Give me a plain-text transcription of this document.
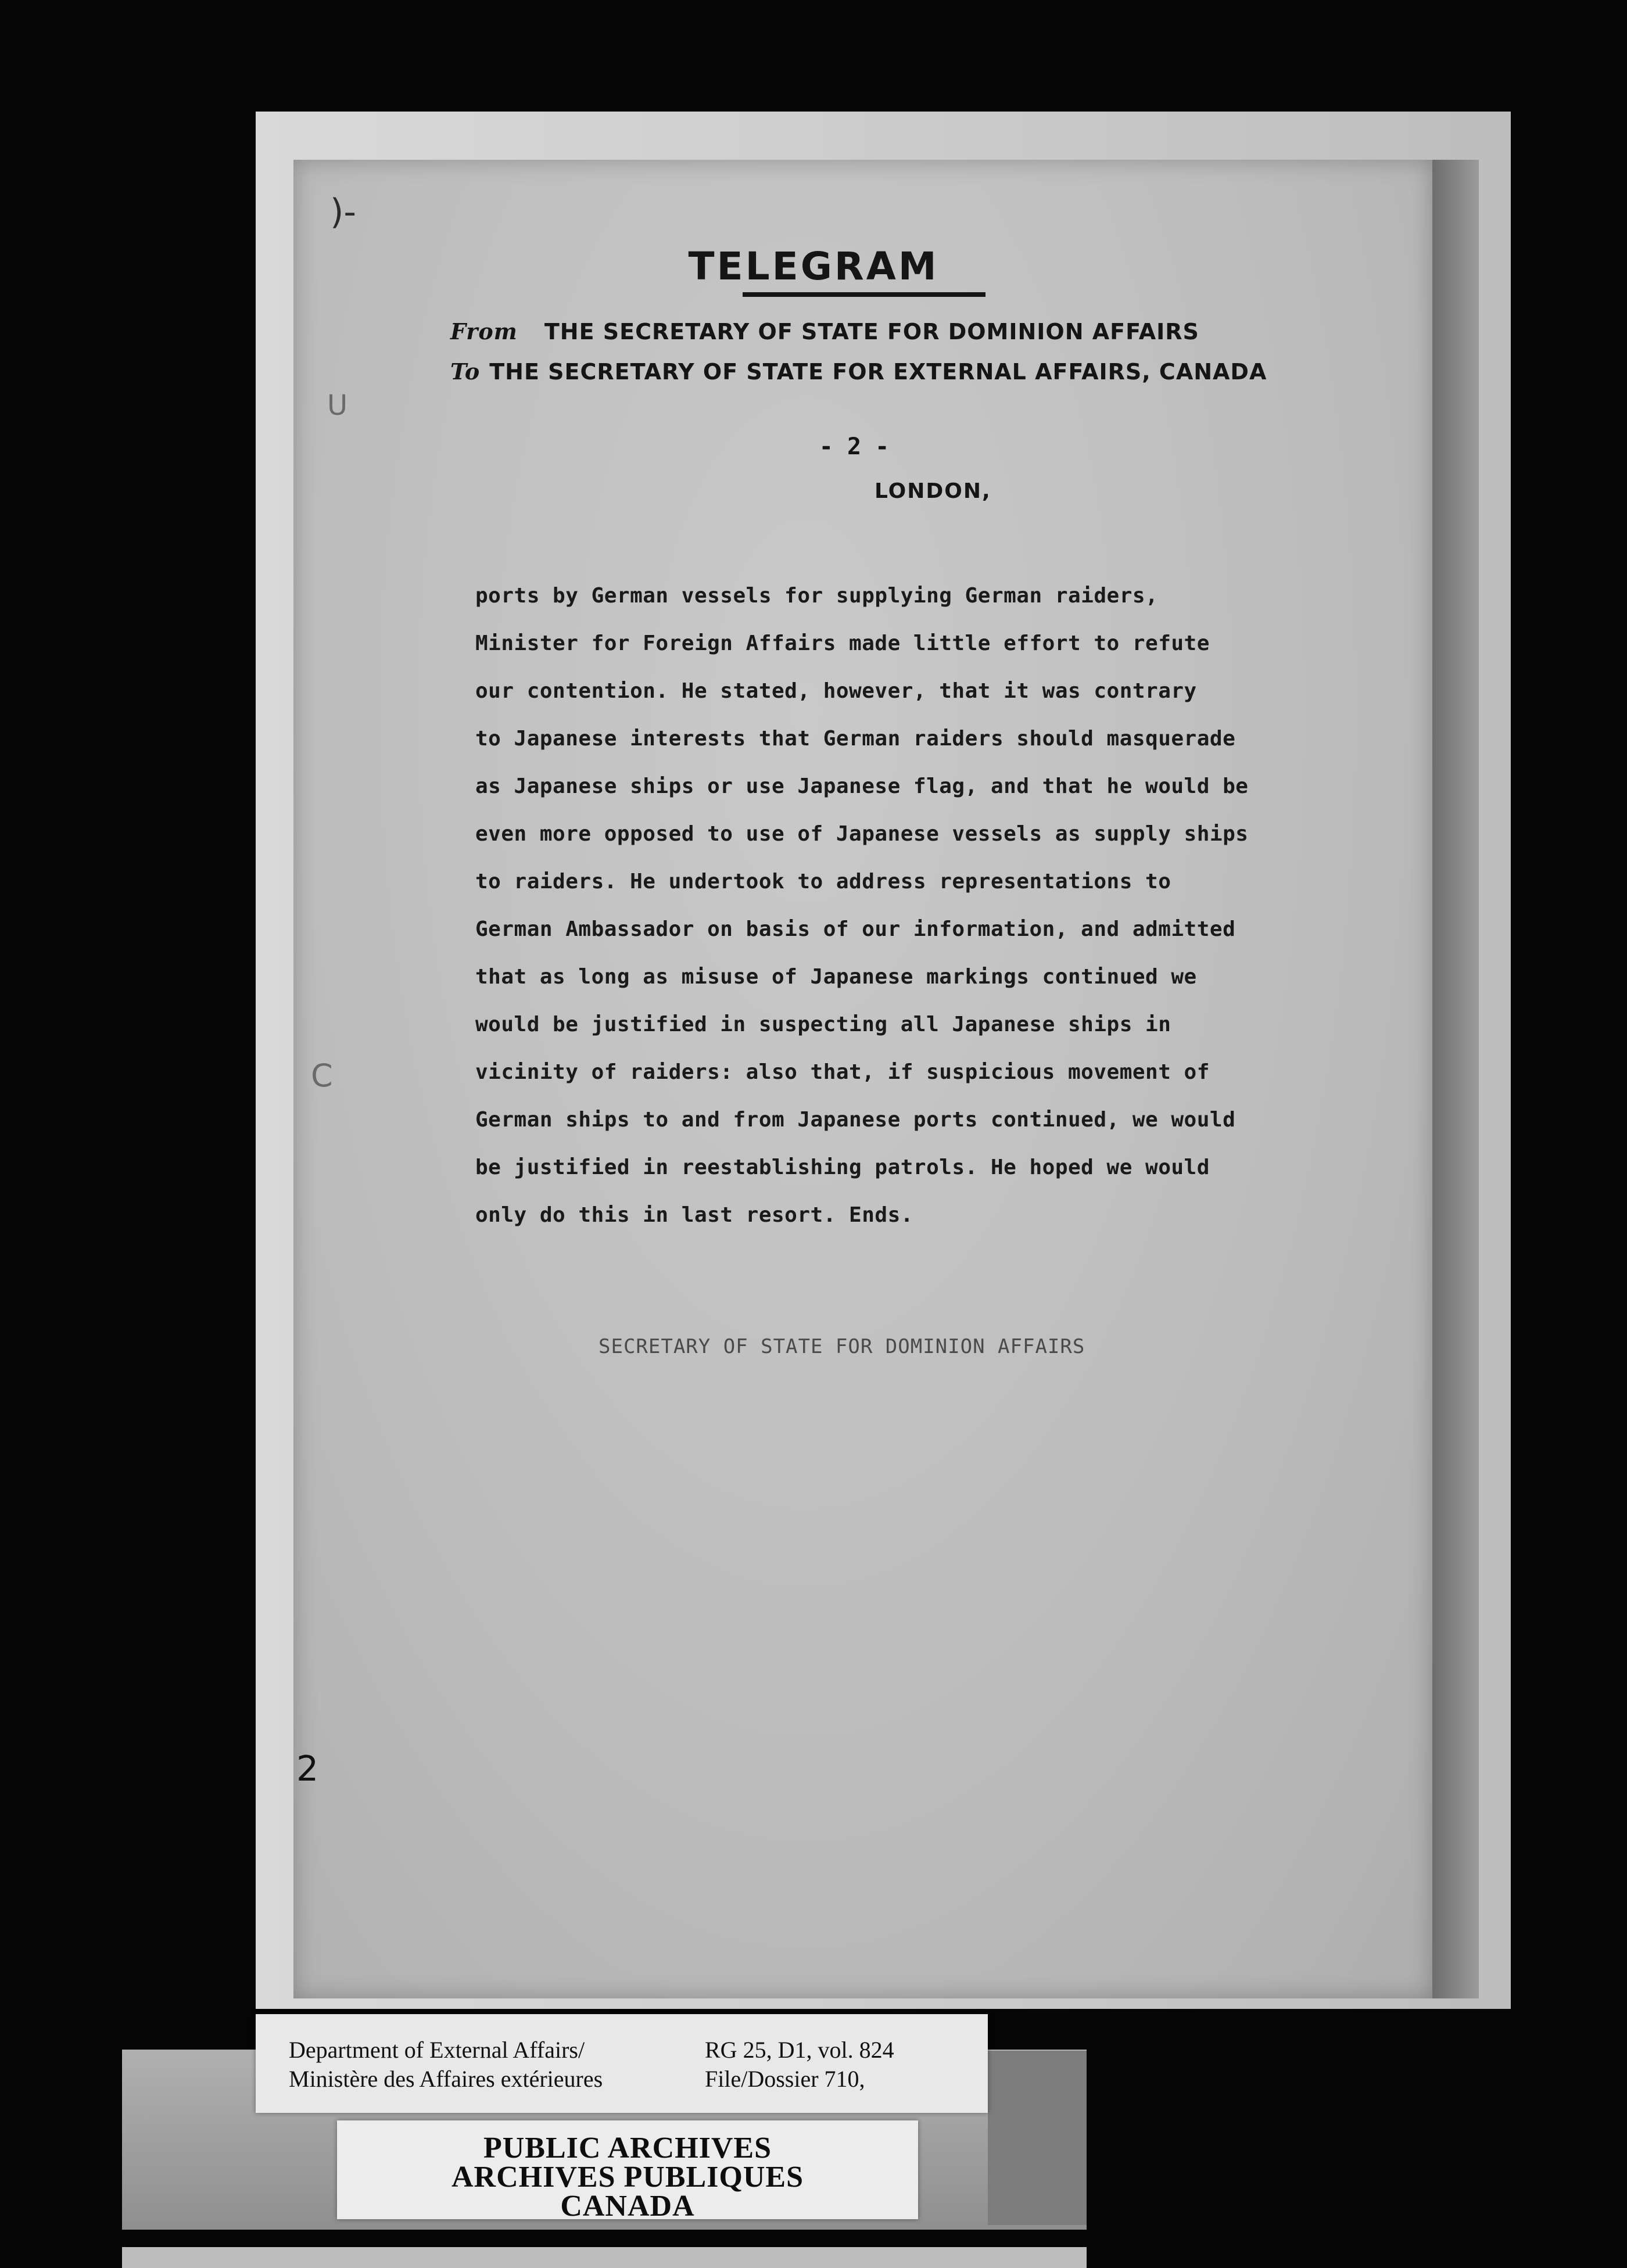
)-
U
C
2
TELEGRAM
From THE SECRETARY OF STATE FOR DOMINION AFFAIRS
To THE SECRETARY OF STATE FOR EXTERNAL AFFAIRS, CANADA
- 2 -
LONDON,
ports by German vessels for supplying German raiders,
Minister for Foreign Affairs made little effort to refute
our contention. He stated, however, that it was contrary
to Japanese interests that German raiders should masquerade
as Japanese ships or use Japanese flag, and that he would be
even more opposed to use of Japanese vessels as supply ships
to raiders. He undertook to address representations to
German Ambassador on basis of our information, and admitted
that as long as misuse of Japanese markings continued we
would be justified in suspecting all Japanese ships in
vicinity of raiders: also that, if suspicious movement of
German ships to and from Japanese ports continued, we would
be justified in reestablishing patrols. He hoped we would
only do this in last resort. Ends.
SECRETARY OF STATE FOR DOMINION AFFAIRS
Department of External Affairs/
Ministère des Affaires extérieures
RG 25, D1, vol. 824
File/Dossier 710,
PUBLIC ARCHIVES
ARCHIVES PUBLIQUES
CANADA
